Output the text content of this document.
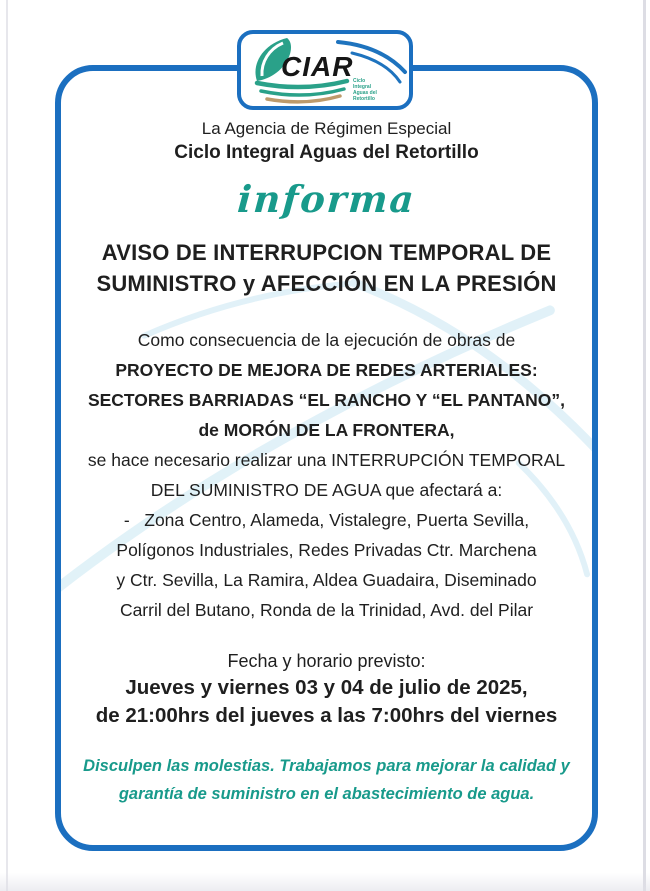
La Agencia de Régimen Especial
Ciclo Integral Aguas del Retortillo
informa
AVISO DE INTERRUPCION TEMPORAL DE
SUMINISTRO y AFECCIÓN EN LA PRESIÓN
Como consecuencia de la ejecución de obras de
PROYECTO DE MEJORA DE REDES ARTERIALES:
SECTORES BARRIADAS “EL RANCHO Y “EL PANTANO”,
de MORÓN DE LA FRONTERA,
se hace necesario realizar una INTERRUPCIÓN TEMPORAL
DEL SUMINISTRO DE AGUA que afectará a:
-   Zona Centro, Alameda, Vistalegre, Puerta Sevilla,
Polígonos Industriales, Redes Privadas Ctr. Marchena
y Ctr. Sevilla, La Ramira, Aldea Guadaira, Diseminado
Carril del Butano, Ronda de la Trinidad, Avd. del Pilar
Fecha y horario previsto:
Jueves y viernes 03 y 04 de julio de 2025,
de 21:00hrs del jueves a las 7:00hrs del viernes
Disculpen las molestias. Trabajamos para mejorar la calidad y
garantía de suministro en el abastecimiento de agua.
CIAR Ciclo
Integral
Aguas del
Retortillo
